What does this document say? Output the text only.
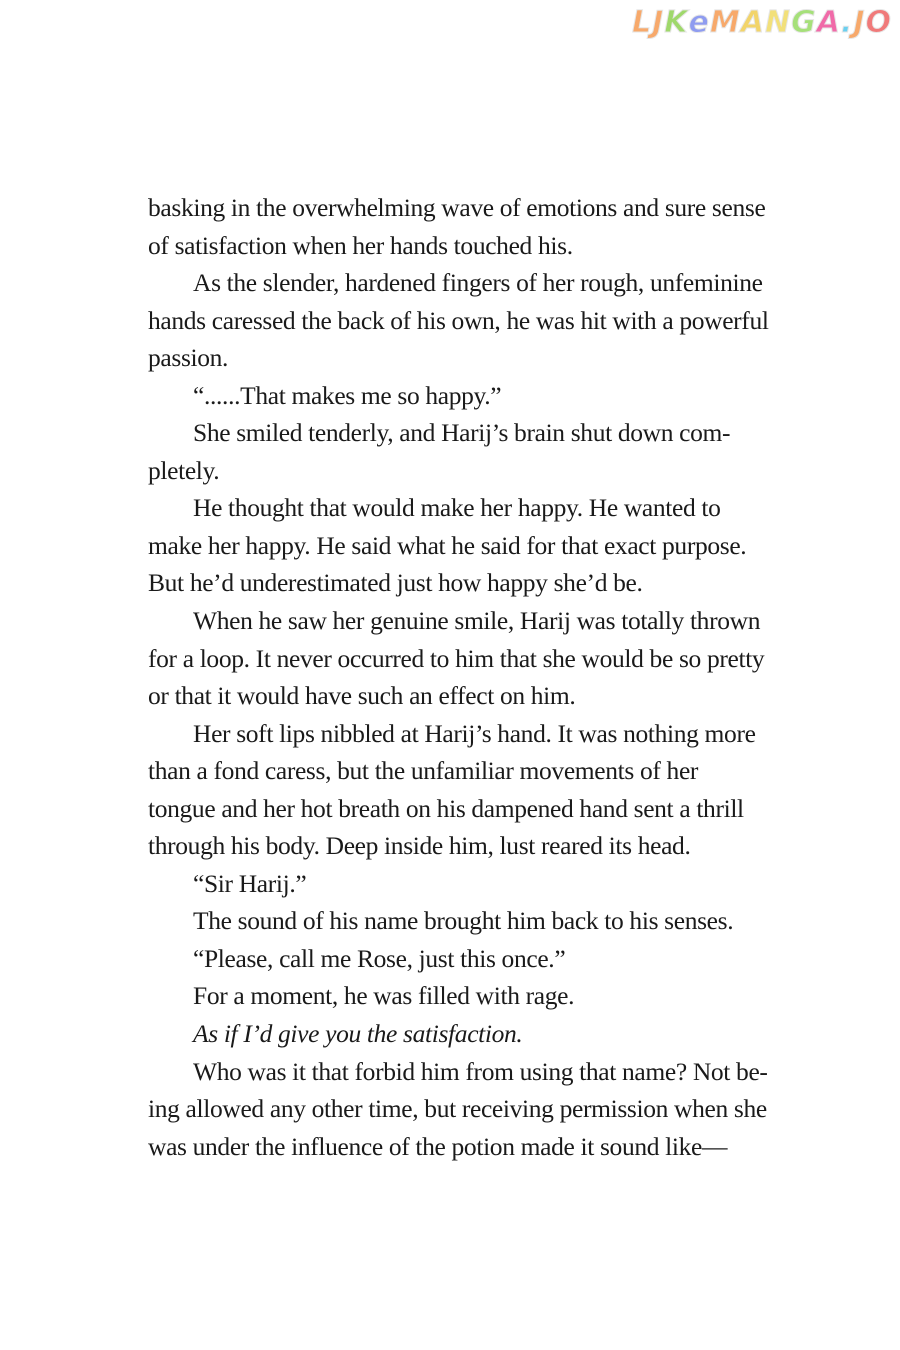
L J K e M A N G A . J O
basking in the overwhelming wave of emotions and sure sense
of satisfaction when her hands touched his.
As the slender, hardened fingers of her rough, unfeminine
hands caressed the back of his own, he was hit with a powerful
passion.
“......That makes me so happy.”
She smiled tenderly, and Harij’s brain shut down com-
pletely.
He thought that would make her happy. He wanted to
make her happy. He said what he said for that exact purpose.
But he’d underestimated just how happy she’d be.
When he saw her genuine smile, Harij was totally thrown
for a loop. It never occurred to him that she would be so pretty
or that it would have such an effect on him.
Her soft lips nibbled at Harij’s hand. It was nothing more
than a fond caress, but the unfamiliar movements of her
tongue and her hot breath on his dampened hand sent a thrill
through his body. Deep inside him, lust reared its head.
“Sir Harij.”
The sound of his name brought him back to his senses.
“Please, call me Rose, just this once.”
For a moment, he was filled with rage.
As if I’d give you the satisfaction.
Who was it that forbid him from using that name? Not be-
ing allowed any other time, but receiving permission when she
was under the influence of the potion made it sound like—
